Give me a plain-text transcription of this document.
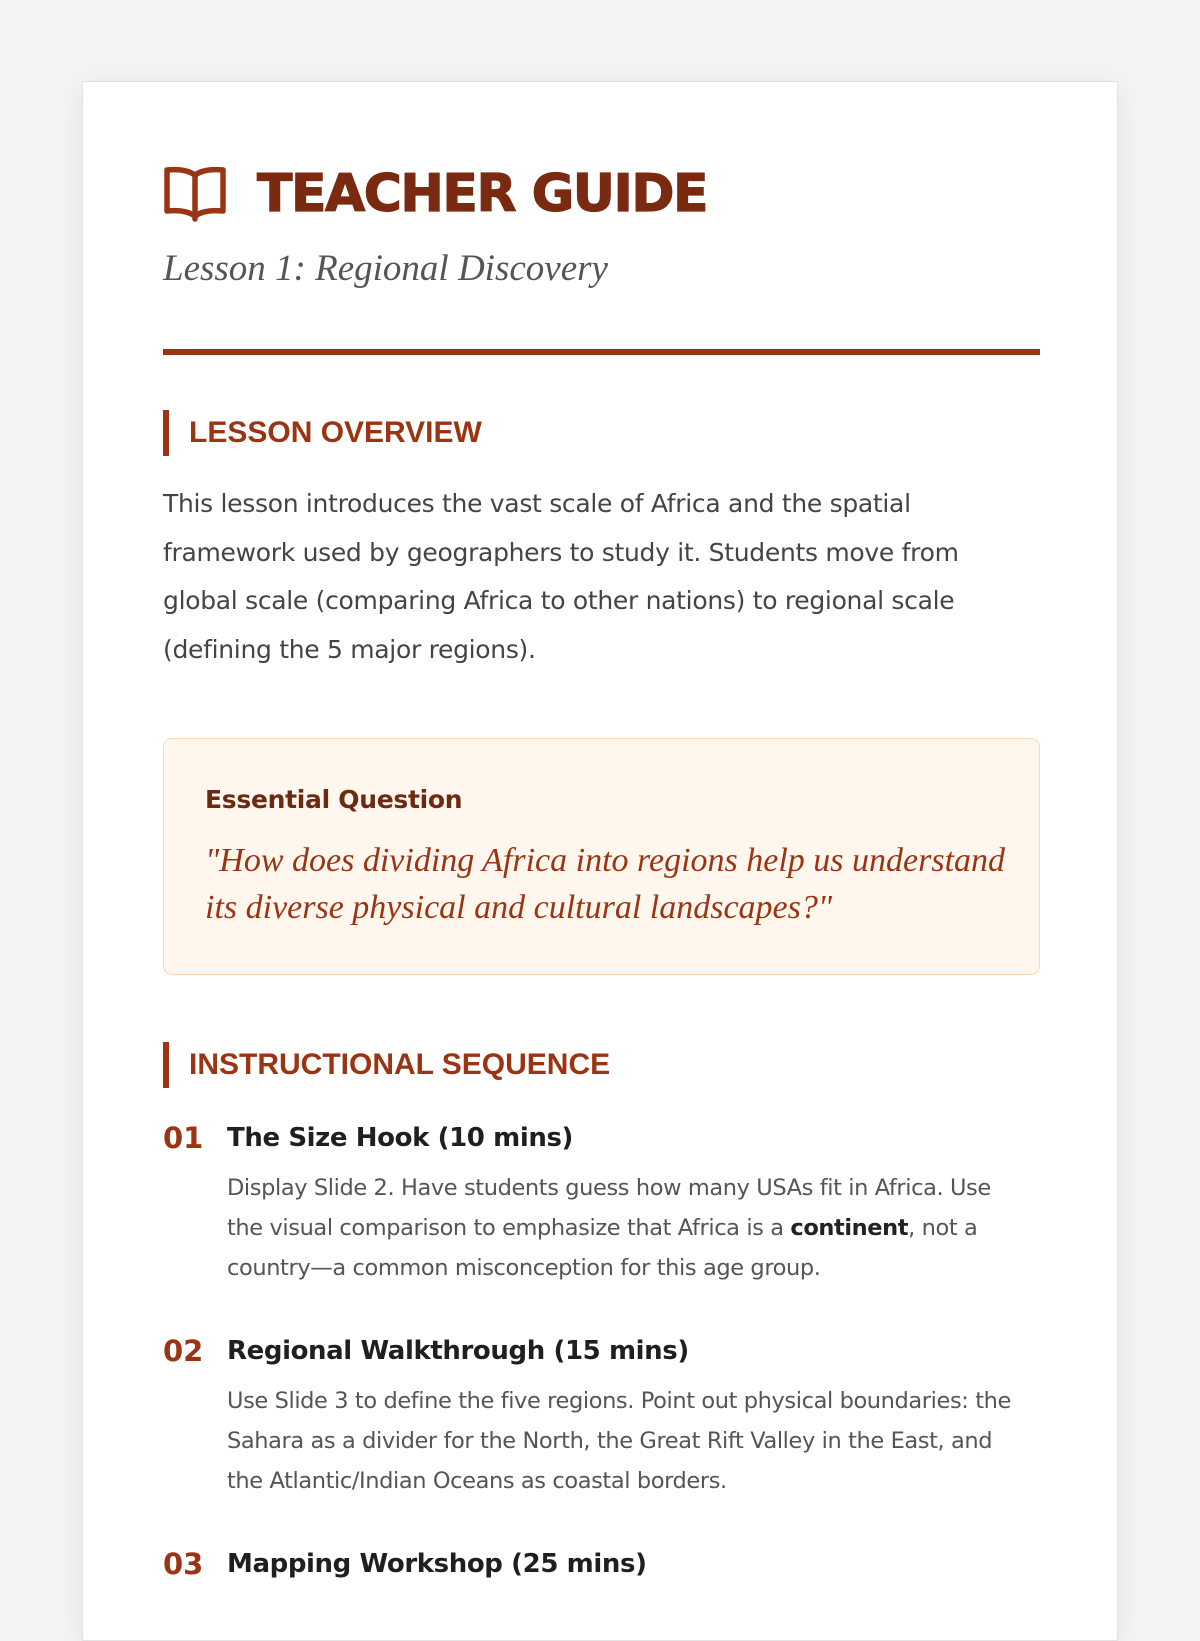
TEACHER GUIDE
Lesson 1: Regional Discovery
LESSON OVERVIEW
This lesson introduces the vast scale of Africa and the spatial framework used by geographers to study it. Students move from global scale (comparing Africa to other nations) to regional scale (defining the 5 major regions).
Essential Question
"How does dividing Africa into regions help us understand its diverse physical and cultural landscapes?"
INSTRUCTIONAL SEQUENCE
01 The Size Hook (10 mins)
Display Slide 2. Have students guess how many USAs fit in Africa. Use the visual comparison to emphasize that Africa is a continent, not a country—a common misconception for this age group.
02 Regional Walkthrough (15 mins)
Use Slide 3 to define the five regions. Point out physical boundaries: the Sahara as a divider for the North, the Great Rift Valley in the East, and the Atlantic/Indian Oceans as coastal borders.
03 Mapping Workshop (25 mins)
